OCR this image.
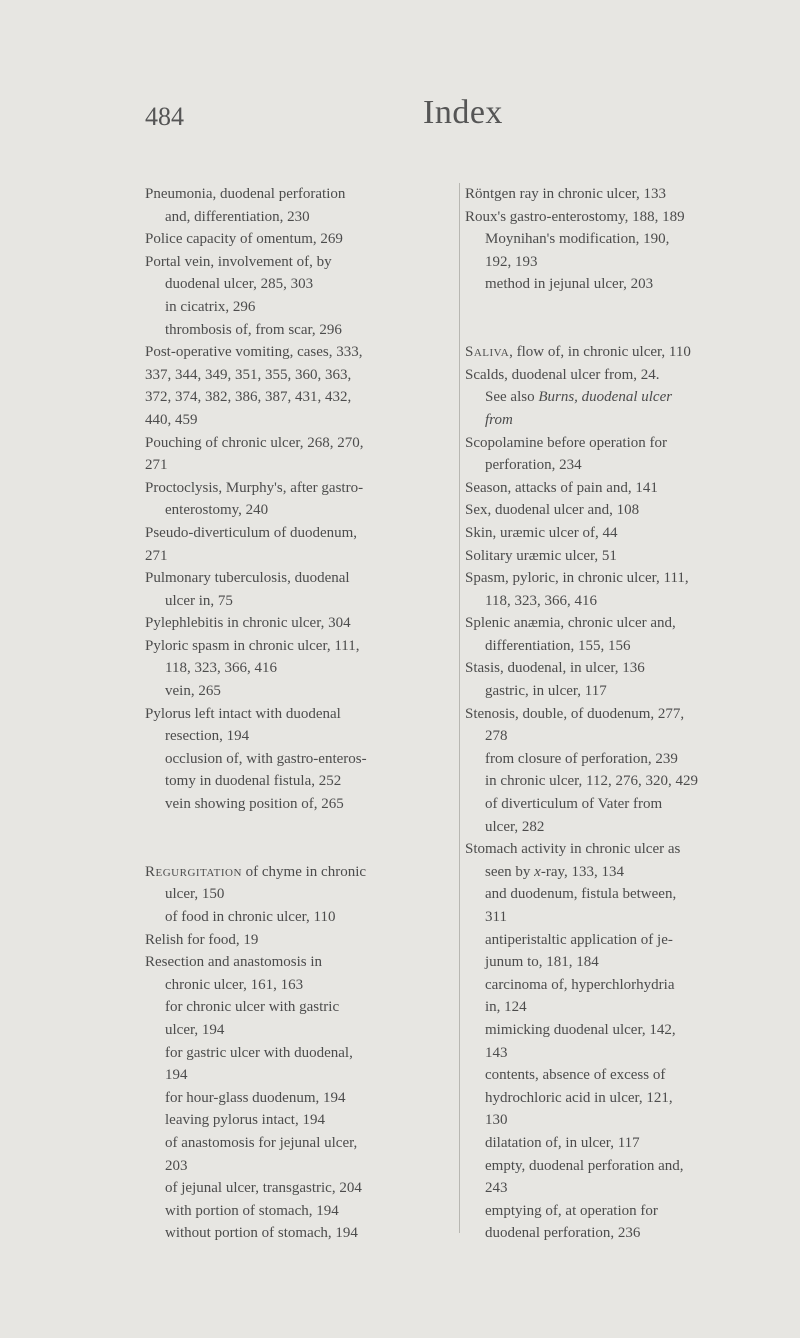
484	Index
Pneumonia, duodenal perforation
and, differentiation, 230
Police capacity of omentum, 269
Portal vein, involvement of, by
duodenal ulcer, 285, 303
in cicatrix, 296
thrombosis of, from scar, 296
Post-operative vomiting, cases, 333,
337, 344, 349, 351, 355, 360, 363,
372, 374, 382, 386, 387, 431, 432,
440, 459
Pouching of chronic ulcer, 268, 270,
271
Proctoclysis, Murphy's, after gastro-
enterostomy, 240
Pseudo-diverticulum of duodenum,
271
Pulmonary tuberculosis, duodenal
ulcer in, 75
Pylephlebitis in chronic ulcer, 304
Pyloric spasm in chronic ulcer, 111,
118, 323, 366, 416
vein, 265
Pylorus left intact with duodenal
resection, 194
occlusion of, with gastro-enteros-
tomy in duodenal fistula, 252
vein showing position of, 265
Regurgitation of chyme in chronic
ulcer, 150
of food in chronic ulcer, 110
Relish for food, 19
Resection and anastomosis in
chronic ulcer, 161, 163
for chronic ulcer with gastric
ulcer, 194
for gastric ulcer with duodenal,
194
for hour-glass duodenum, 194
leaving pylorus intact, 194
of anastomosis for jejunal ulcer,
203
of jejunal ulcer, transgastric, 204
with portion of stomach, 194
without portion of stomach, 194
Röntgen ray in chronic ulcer, 133
Roux's gastro-enterostomy, 188, 189
Moynihan's modification, 190,
192, 193
method in jejunal ulcer, 203
Saliva, flow of, in chronic ulcer, 110
Scalds, duodenal ulcer from, 24.
See also Burns, duodenal ulcer
from
Scopolamine before operation for
perforation, 234
Season, attacks of pain and, 141
Sex, duodenal ulcer and, 108
Skin, uræmic ulcer of, 44
Solitary uræmic ulcer, 51
Spasm, pyloric, in chronic ulcer, 111,
118, 323, 366, 416
Splenic anæmia, chronic ulcer and,
differentiation, 155, 156
Stasis, duodenal, in ulcer, 136
gastric, in ulcer, 117
Stenosis, double, of duodenum, 277,
278
from closure of perforation, 239
in chronic ulcer, 112, 276, 320, 429
of diverticulum of Vater from
ulcer, 282
Stomach activity in chronic ulcer as
seen by x-ray, 133, 134
and duodenum, fistula between,
311
antiperistaltic application of je-
junum to, 181, 184
carcinoma of, hyperchlorhydria
in, 124
mimicking duodenal ulcer, 142,
143
contents, absence of excess of
hydrochloric acid in ulcer, 121,
130
dilatation of, in ulcer, 117
empty, duodenal perforation and,
243
emptying of, at operation for
duodenal perforation, 236
